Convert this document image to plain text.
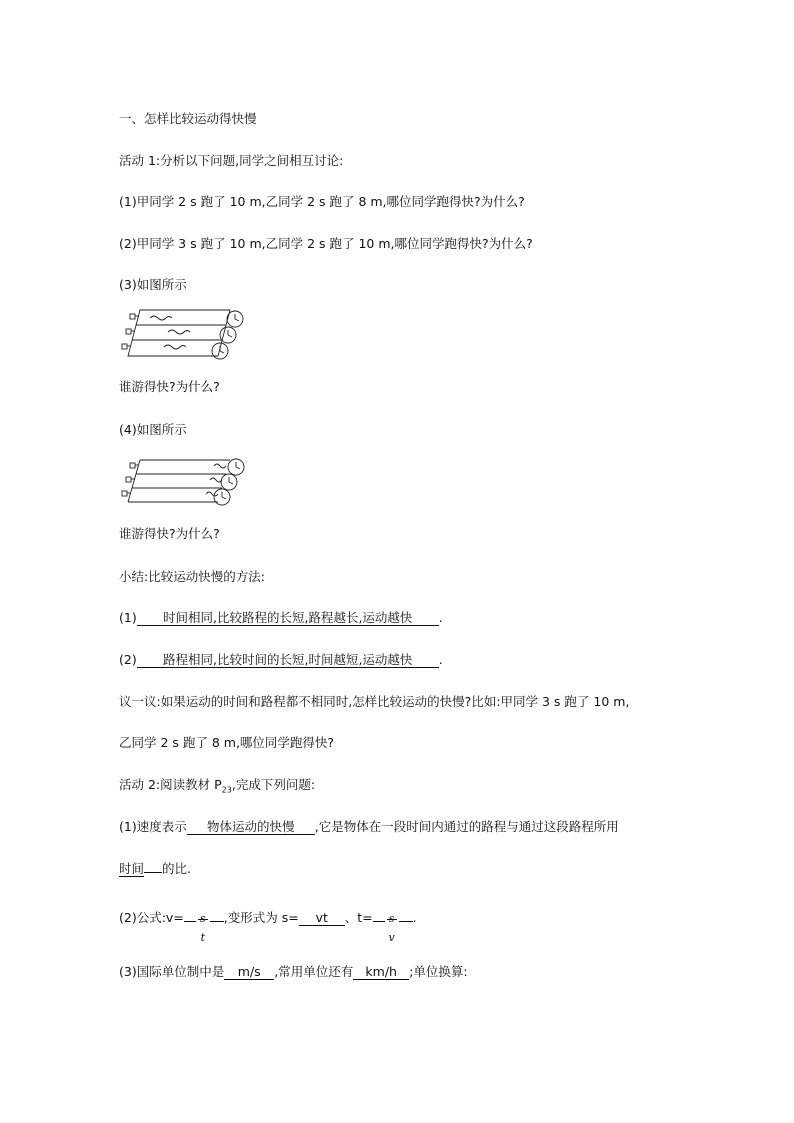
一、怎样比较运动得快慢
活动 1:分析以下问题,同学之间相互讨论:
(1)甲同学 2 s 跑了 10 m,乙同学 2 s 跑了 8 m,哪位同学跑得快?为什么?
(2)甲同学 3 s 跑了 10 m,乙同学 2 s 跑了 10 m,哪位同学跑得快?为什么?
(3)如图所示
谁游得快?为什么?
(4)如图所示
谁游得快?为什么?
小结:比较运动快慢的方法:
(1) 时间相同,比较路程的长短,路程越长,运动越快 .
(2) 路程相同,比较时间的长短,时间越短,运动越快 .
议一议:如果运动的时间和路程都不相同时,怎样比较运动的快慢?比如:甲同学 3 s 跑了 10 m,
乙同学 2 s 跑了 8 m,哪位同学跑得快?
活动 2:阅读教材 $P_{23}$,完成下列问题:
(1)速度表示 物体运动的快慢 ,它是物体在一段时间内通过的路程与通过这段路程所用
时间 的比.
(2)公式:v= s
t
,变形式为 s= vt 、t= s
v
.
(3)国际单位制中是 m/s ,常用单位还有 km/h ;单位换算:
